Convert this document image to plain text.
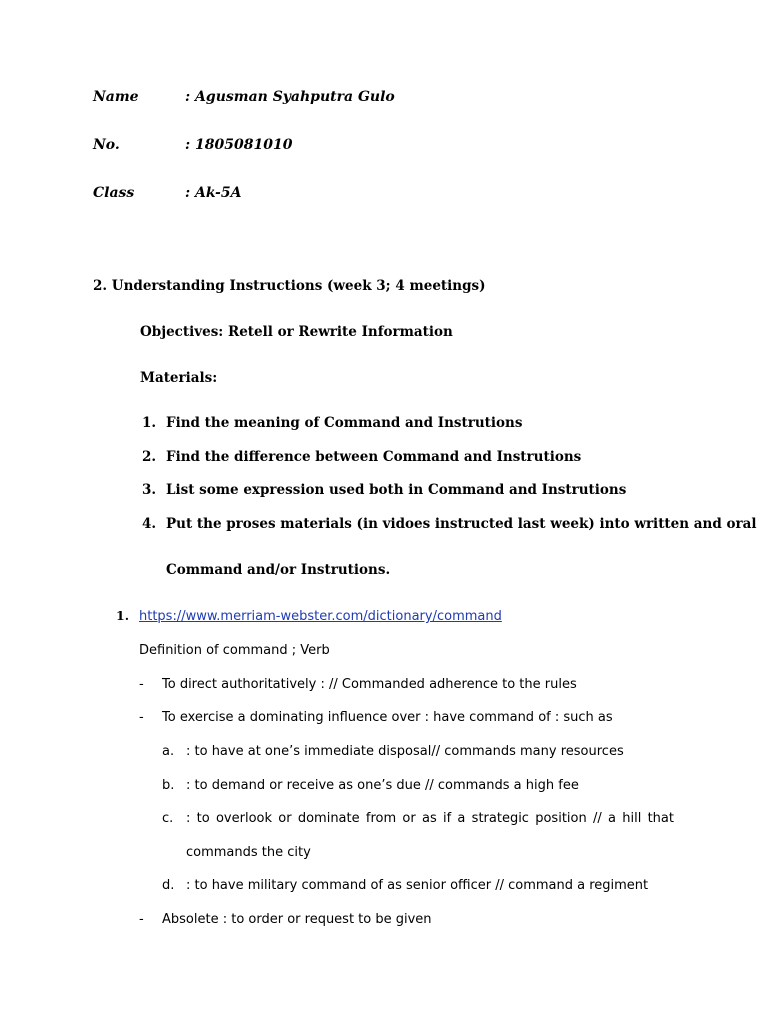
Name	: Agusman Syahputra Gulo
No.	: 1805081010
Class	: Ak-5A
2. Understanding Instructions (week 3; 4 meetings)
Objectives: Retell or Rewrite Information
Materials:
1. Find the meaning of Command and Instrutions
2. Find the difference between Command and Instrutions
3. List some expression used both in Command and Instrutions
4. Put the proses materials (in vidoes instructed last week) into written and oral
Command and/or Instrutions.
1. https://www.merriam-webster.com/dictionary/command
Definition of command ; Verb
- To direct authoritatively : // Commanded adherence to the rules
- To exercise a dominating influence over : have command of : such as
a. : to have at one’s immediate disposal// commands many resources
b. : to demand or receive as one’s due // commands a high fee
c. : to overlook or dominate from or as if a strategic position // a hill that
commands the city
d. : to have military command of as senior officer // command a regiment
- Absolete : to order or request to be given
